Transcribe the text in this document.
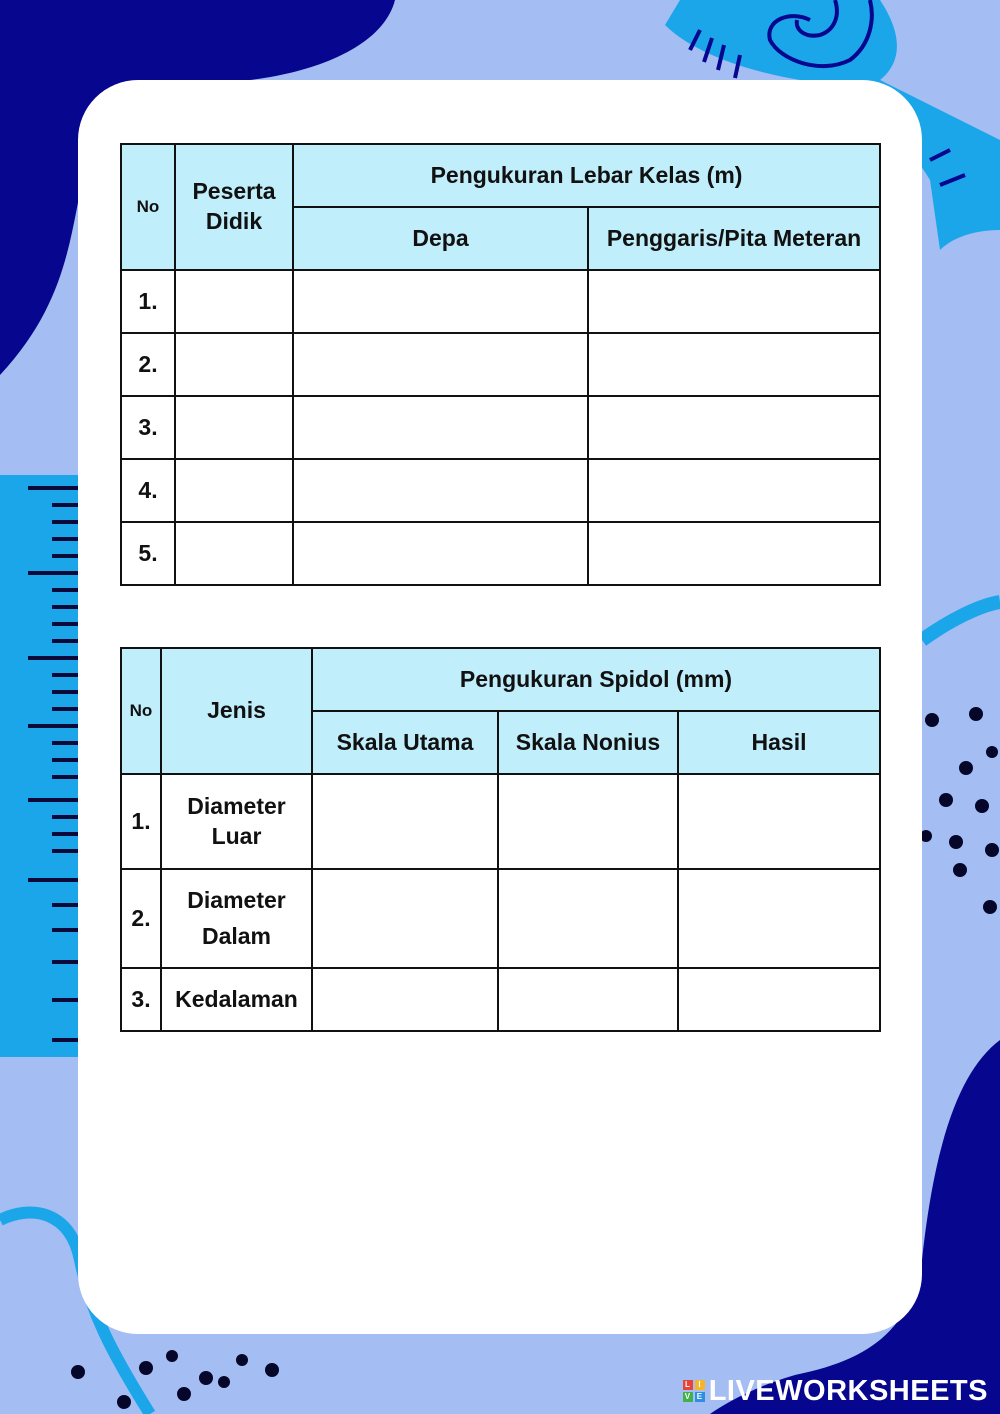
No	Peserta Didik	Pengukuran Lebar Kelas (m)	
		Depa	Penggaris/Pita Meteran
1.			
2.			
3.			
4.			
5.			
No	Jenis	Pengukuran Spidol (mm)		
		Skala Utama	Skala Nonius	Hasil
1.	Diameter Luar			
2.	Diameter Dalam			
3.	Kedalaman			
L I
V E LIVEWORKSHEETS
